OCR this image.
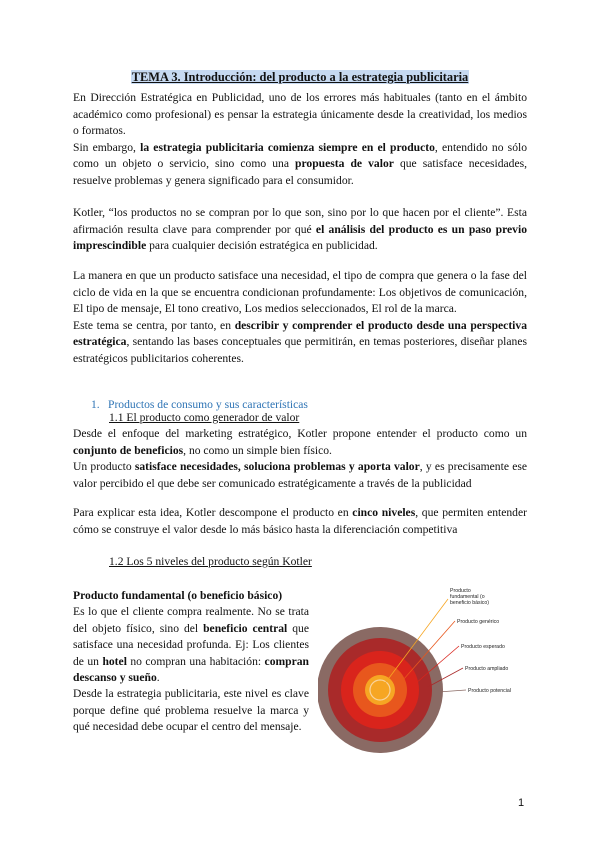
TEMA 3. Introducción: del producto a la estrategia publicitaria

En Dirección Estratégica en Publicidad, uno de los errores más habituales (tanto en el ámbito académico como profesional) es pensar la estrategia únicamente desde la creatividad, los medios o formatos.

Sin embargo, la estrategia publicitaria comienza siempre en el producto, entendido no sólo como un objeto o servicio, sino como una propuesta de valor que satisface necesidades, resuelve problemas y genera significado para el consumidor.

Kotler, “los productos no se compran por lo que son, sino por lo que hacen por el cliente”. Esta afirmación resulta clave para comprender por qué el análisis del producto es un paso previo imprescindible para cualquier decisión estratégica en publicidad.

La manera en que un producto satisface una necesidad, el tipo de compra que genera o la fase del ciclo de vida en la que se encuentra condicionan profundamente: Los objetivos de comunicación, El tipo de mensaje, El tono creativo, Los medios seleccionados, El rol de la marca.

Este tema se centra, por tanto, en describir y comprender el producto desde una perspectiva estratégica, sentando las bases conceptuales que permitirán, en temas posteriores, diseñar planes estratégicos publicitarios coherentes.

1. Productos de consumo y sus características
1.1 El producto como generador de valor

Desde el enfoque del marketing estratégico, Kotler propone entender el producto como un conjunto de beneficios, no como un simple bien físico.

Un producto satisface necesidades, soluciona problemas y aporta valor, y es precisamente ese valor percibido el que debe ser comunicado estratégicamente a través de la publicidad

Para explicar esta idea, Kotler descompone el producto en cinco niveles, que permiten entender cómo se construye el valor desde lo más básico hasta la diferenciación competitiva

1.2 Los 5 niveles del producto según Kotler

Producto fundamental (o beneficio básico)

Es lo que el cliente compra realmente. No se trata del objeto físico, sino del beneficio central que satisface una necesidad profunda. Ej: Los clientes de un hotel no compran una habitación: compran descanso y sueño.

Desde la estrategia publicitaria, este nivel es clave porque define qué problema resuelve la marca y qué necesidad debe ocupar el centro del mensaje.

Producto fundamental (o beneficio básico)
Producto genérico
Producto esperado
Producto ampliado
Producto potencial
1
